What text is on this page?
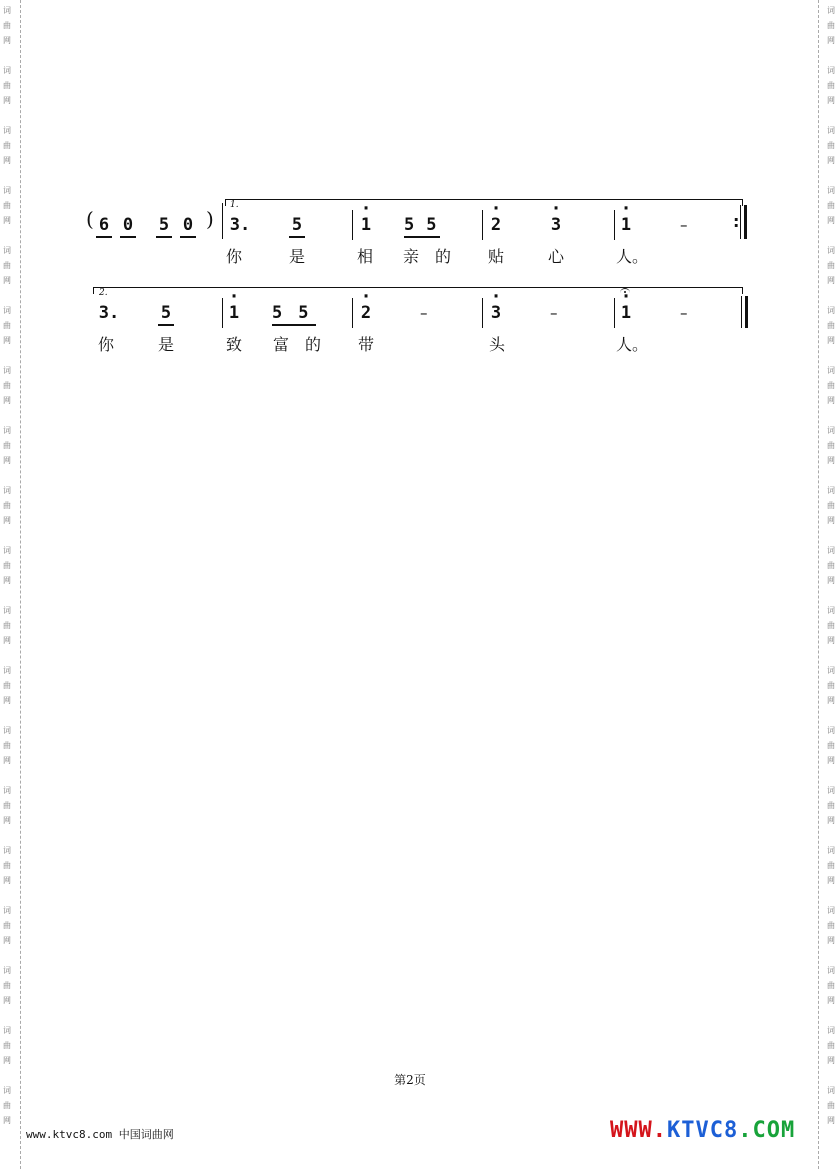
词
曲
网
词
曲
网
词
曲
网
词
曲
网
词
曲
网
词
曲
网
词
曲
网
词
曲
网
词
曲
网
词
曲
网
词
曲
网
词
曲
网
词
曲
网
词
曲
网
词
曲
网
词
曲
网
词
曲
网
词
曲
网
词
曲
网
词
曲
网
词
曲
网
词
曲
网
词
曲
网
词
曲
网
词
曲
网
词
曲
网
词
曲
网
词
曲
网
词
曲
网
词
曲
网
词
曲
网
词
曲
网
词
曲
网
词
曲
网
词
曲
网
词
曲
网
词
曲
网
词
曲
网
( 6 0 5 0 )
1.
3. 5	· 1 55 · 2	· 3	· 1	–	:
你	是	相 亲 的 贴	心	人。
2.
3. 5	· 1 55 · 2	–	· 3	–	· 1	–
你	是	致 富 的 带	头	人。
第2页
www.ktvc8.com 中国词曲网	WWW.KTVC8.COM
